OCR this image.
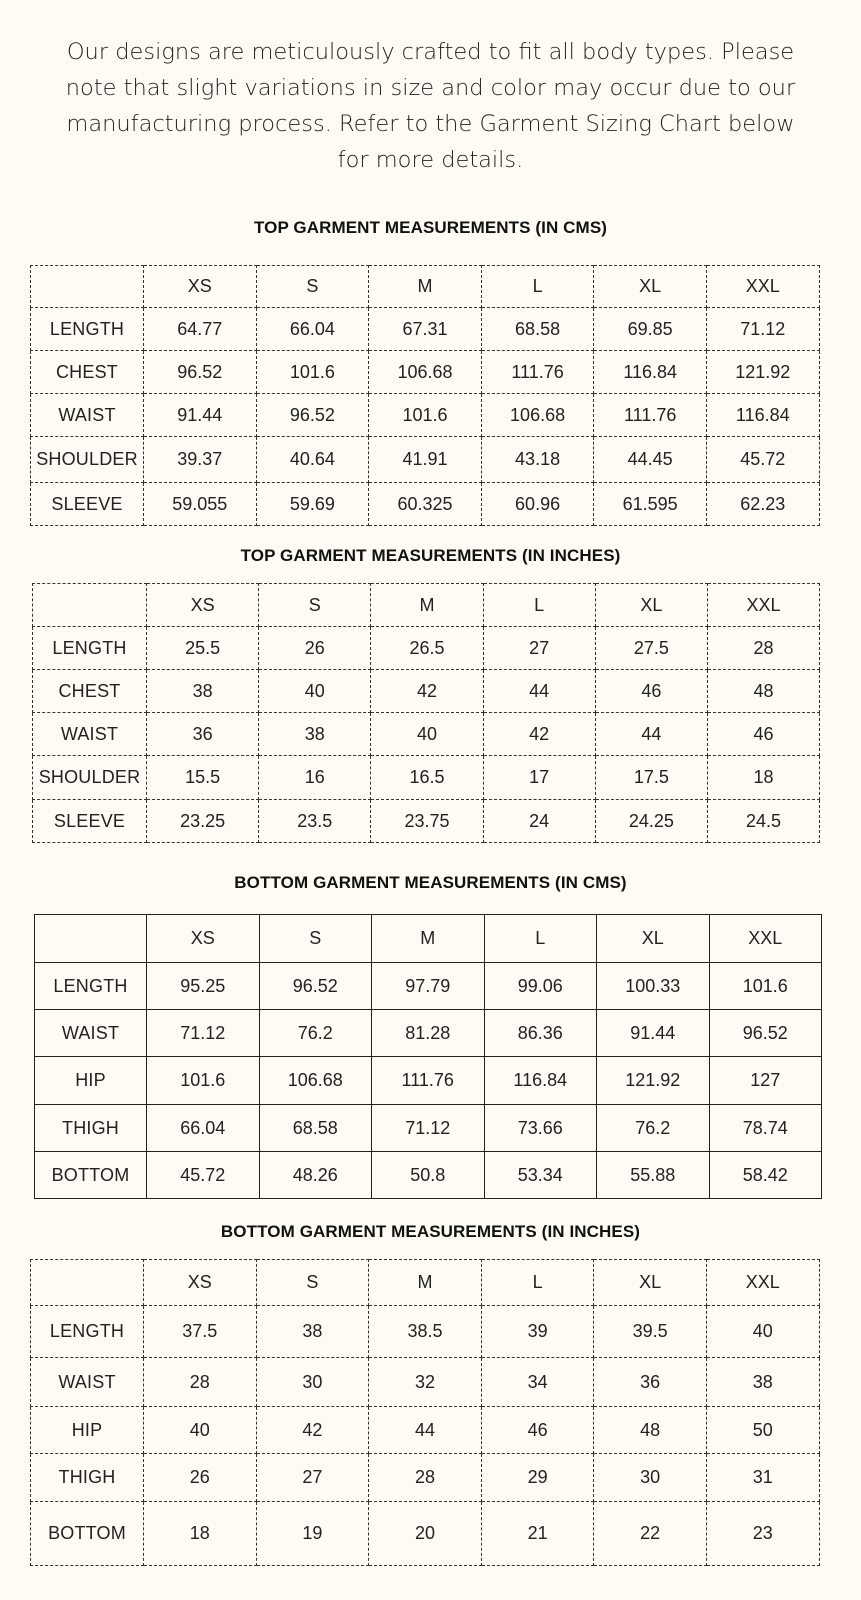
Our designs are meticulously crafted to fit all body types. Please
note that slight variations in size and color may occur due to our
manufacturing process. Refer to the Garment Sizing Chart below
for more details.
TOP GARMENT MEASUREMENTS (IN CMS)
	XS	S	M	L	XL	XXL
LENGTH	64.77	66.04	67.31	68.58	69.85	71.12
CHEST	96.52	101.6	106.68	111.76	116.84	121.92
WAIST	91.44	96.52	101.6	106.68	111.76	116.84
SHOULDER	39.37	40.64	41.91	43.18	44.45	45.72
SLEEVE	59.055	59.69	60.325	60.96	61.595	62.23
TOP GARMENT MEASUREMENTS (IN INCHES)
	XS	S	M	L	XL	XXL
LENGTH	25.5	26	26.5	27	27.5	28
CHEST	38	40	42	44	46	48
WAIST	36	38	40	42	44	46
SHOULDER	15.5	16	16.5	17	17.5	18
SLEEVE	23.25	23.5	23.75	24	24.25	24.5
BOTTOM GARMENT MEASUREMENTS (IN CMS)
	XS	S	M	L	XL	XXL
LENGTH	95.25	96.52	97.79	99.06	100.33	101.6
WAIST	71.12	76.2	81.28	86.36	91.44	96.52
HIP	101.6	106.68	111.76	116.84	121.92	127
THIGH	66.04	68.58	71.12	73.66	76.2	78.74
BOTTOM	45.72	48.26	50.8	53.34	55.88	58.42
BOTTOM GARMENT MEASUREMENTS (IN INCHES)
	XS	S	M	L	XL	XXL
LENGTH	37.5	38	38.5	39	39.5	40
WAIST	28	30	32	34	36	38
HIP	40	42	44	46	48	50
THIGH	26	27	28	29	30	31
BOTTOM	18	19	20	21	22	23
